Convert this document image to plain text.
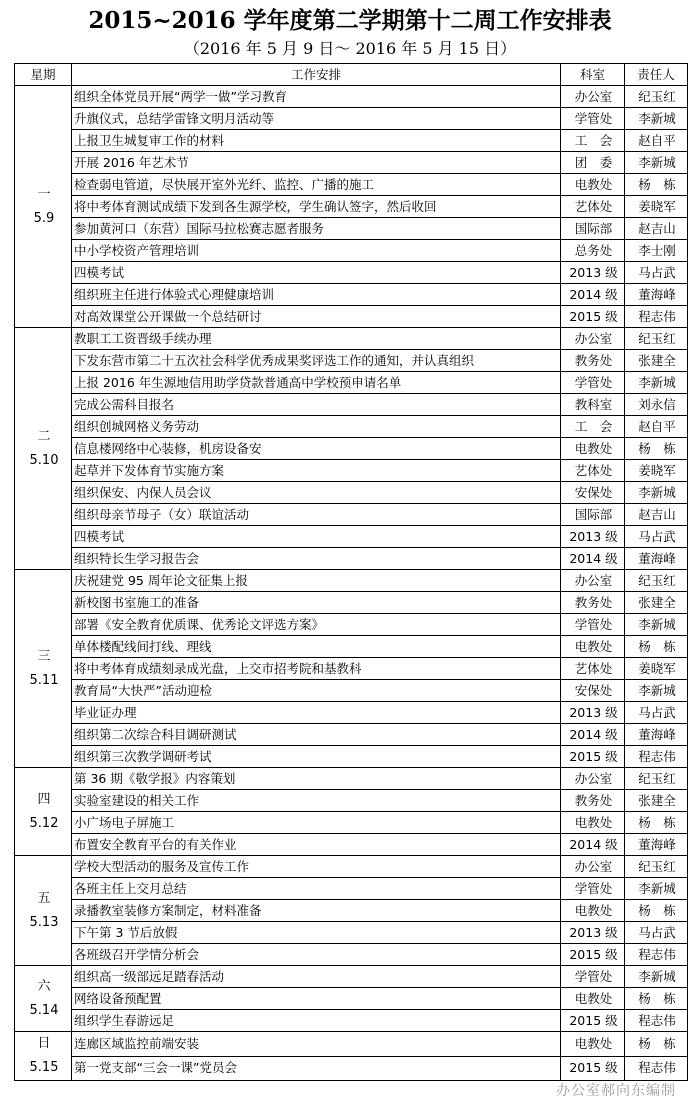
2015~2016 学年度第二学期第十二周工作安排表
（2016 年 5 月 9 日～ 2016 年 5 月 15 日）
星期	工作安排	科室	责任人

一
5.9	组织全体党员开展“两学一做”学习教育	办公室	纪玉红
	升旗仪式，总结学雷锋文明月活动等	学管处	李新城
	上报卫生城复审工作的材料	工　会	赵自平
	开展 2016 年艺术节	团　委	李新城
	检查弱电管道，尽快展开室外光纤、监控、广播的施工	电教处	杨　栋
	将中考体育测试成绩下发到各生源学校，学生确认签字，然后收回	艺体处	姜晓军
	参加黄河口（东营）国际马拉松赛志愿者服务	国际部	赵吉山
	中小学校资产管理培训	总务处	李士刚
	四模考试	2013 级	马占武
	组织班主任进行体验式心理健康培训	2014 级	董海峰
	对高效课堂公开课做一个总结研讨	2015 级	程志伟

二
5.10	教职工工资晋级手续办理	办公室	纪玉红
	下发东营市第二十五次社会科学优秀成果奖评选工作的通知，并认真组织	教务处	张建全
	上报 2016 年生源地信用助学贷款普通高中学校预申请名单	学管处	李新城
	完成公需科目报名	教科室	刘永信
	组织创城网格义务劳动	工　会	赵自平
	信息楼网络中心装修，机房设备安	电教处	杨　栋
	起草并下发体育节实施方案	艺体处	姜晓军
	组织保安、内保人员会议	安保处	李新城
	组织母亲节母子（女）联谊活动	国际部	赵吉山
	四模考试	2013 级	马占武
	组织特长生学习报告会	2014 级	董海峰

三
5.11	庆祝建党 95 周年论文征集上报	办公室	纪玉红
	新校图书室施工的准备	教务处	张建全
	部署《安全教育优质课、优秀论文评选方案》	学管处	李新城
	单体楼配线间打线、理线	电教处	杨　栋
	将中考体育成绩刻录成光盘，上交市招考院和基教科	艺体处	姜晓军
	教育局“大快严”活动迎检	安保处	李新城
	毕业证办理	2013 级	马占武
	组织第二次综合科目调研测试	2014 级	董海峰
	组织第三次教学调研考试	2015 级	程志伟

四
5.12	第 36 期《敬学报》内容策划	办公室	纪玉红
	实验室建设的相关工作	教务处	张建全
	小广场电子屏施工	电教处	杨　栋
	布置安全教育平台的有关作业	2014 级	董海峰

五
5.13	学校大型活动的服务及宣传工作	办公室	纪玉红
	各班主任上交月总结	学管处	李新城
	录播教室装修方案制定，材料准备	电教处	杨　栋
	下午第 3 节后放假	2013 级	马占武
	各班级召开学情分析会	2015 级	程志伟

六
5.14	组织高一级部远足踏春活动	学管处	李新城
	网络设备预配置	电教处	杨　栋
	组织学生春游远足	2015 级	程志伟

日
5.15	连廊区域监控前端安装	电教处	杨　栋
	第一党支部“三会一课”党员会	2015 级	程志伟
办公室郝向东编制
